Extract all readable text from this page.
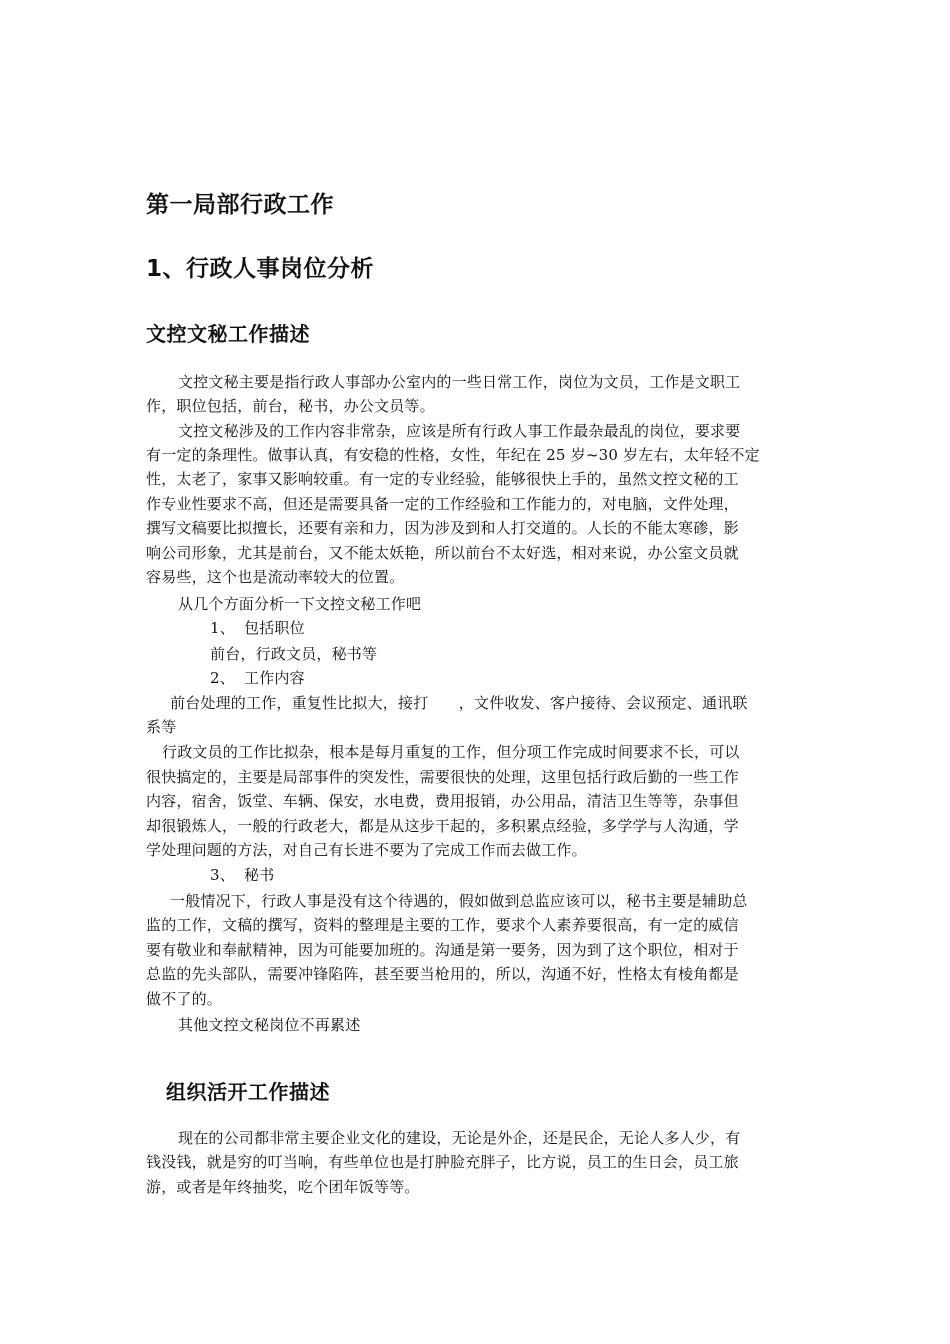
第一局部行政工作
1、行政人事岗位分析
文控文秘工作描述
文控文秘主要是指行政人事部办公室内的一些日常工作，岗位为文员，工作是文职工
作，职位包括，前台，秘书，办公文员等。
文控文秘涉及的工作内容非常杂，应该是所有行政人事工作最杂最乱的岗位，要求要
有一定的条理性。做事认真，有安稳的性格，女性，年纪在 25 岁~30 岁左右，太年轻不定
性，太老了，家事又影响较重。有一定的专业经验，能够很快上手的，虽然文控文秘的工
作专业性要求不高，但还是需要具备一定的工作经验和工作能力的，对电脑，文件处理，
撰写文稿要比拟擅长，还要有亲和力，因为涉及到和人打交道的。人长的不能太寒碜，影
响公司形象，尤其是前台，又不能太妖艳，所以前台不太好选，相对来说，办公室文员就
容易些，这个也是流动率较大的位置。
从几个方面分析一下文控文秘工作吧
1、 包括职位
前台，行政文员，秘书等
2、 工作内容
前台处理的工作，重复性比拟大，接打　　，文件收发、客户接待、会议预定、通讯联
系等
行政文员的工作比拟杂，根本是每月重复的工作，但分项工作完成时间要求不长，可以
很快搞定的，主要是局部事件的突发性，需要很快的处理，这里包括行政后勤的一些工作
内容，宿舍，饭堂、车辆、保安，水电费，费用报销，办公用品，清洁卫生等等，杂事但
却很锻炼人，一般的行政老大，都是从这步干起的，多积累点经验，多学学与人沟通，学
学处理问题的方法，对自己有长进不要为了完成工作而去做工作。
3、 秘书
一般情况下，行政人事是没有这个待遇的，假如做到总监应该可以，秘书主要是辅助总
监的工作，文稿的撰写，资料的整理是主要的工作，要求个人素养要很高，有一定的威信
要有敬业和奉献精神，因为可能要加班的。沟通是第一要务，因为到了这个职位，相对于
总监的先头部队，需要冲锋陷阵，甚至要当枪用的，所以，沟通不好，性格太有棱角都是
做不了的。
其他文控文秘岗位不再累述
组织活开工作描述
现在的公司都非常主要企业文化的建设，无论是外企，还是民企，无论人多人少，有
钱没钱，就是穷的叮当响，有些单位也是打肿脸充胖子，比方说，员工的生日会，员工旅
游，或者是年终抽奖，吃个团年饭等等。
